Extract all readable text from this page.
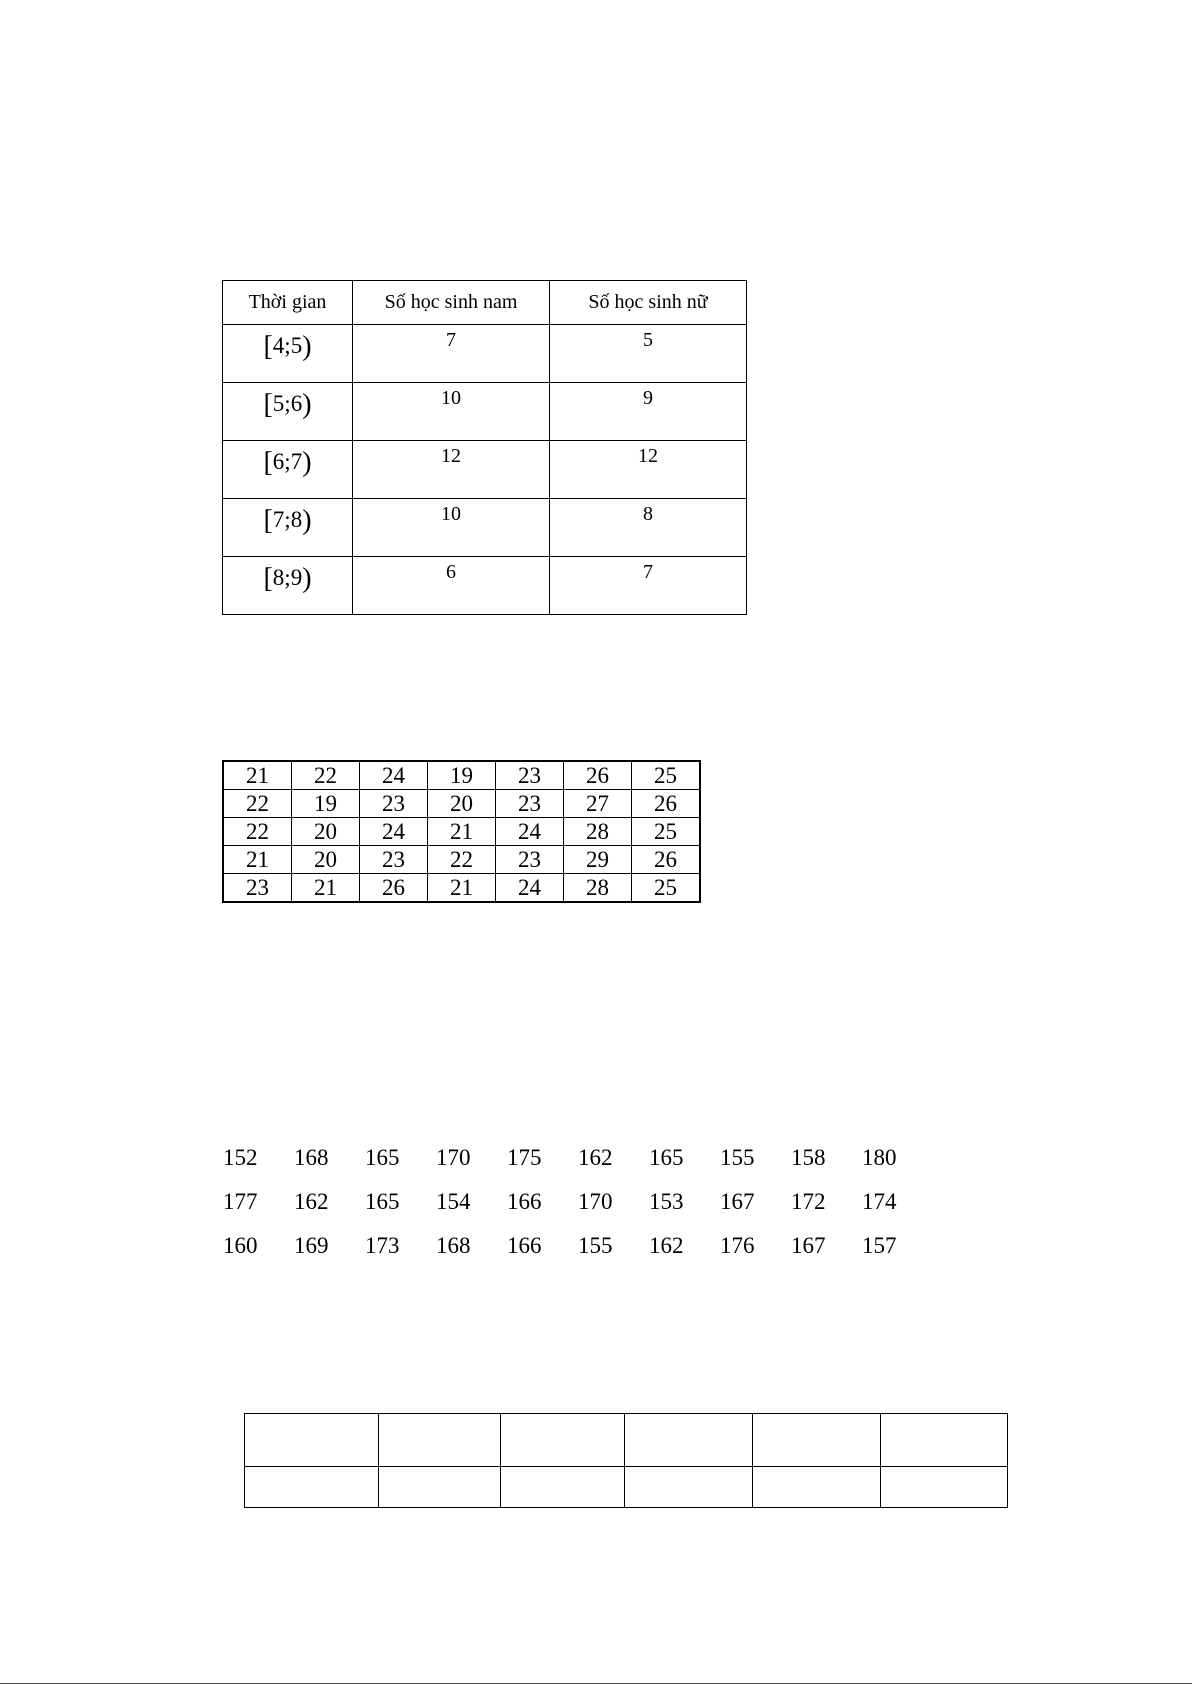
Thời gian	Số học sinh nam	Số học sinh nữ
[4;5)	7	5
[5;6)	10	9
[6;7)	12	12
[7;8)	10	8
[8;9)	6	7
21	22	24	19	23	26	25
22	19	23	20	23	27	26
22	20	24	21	24	28	25
21	20	23	22	23	29	26
23	21	26	21	24	28	25
152	168	165	170	175	162	165	155	158	180
177	162	165	154	166	170	153	167	172	174
160	169	173	168	166	155	162	176	167	157
